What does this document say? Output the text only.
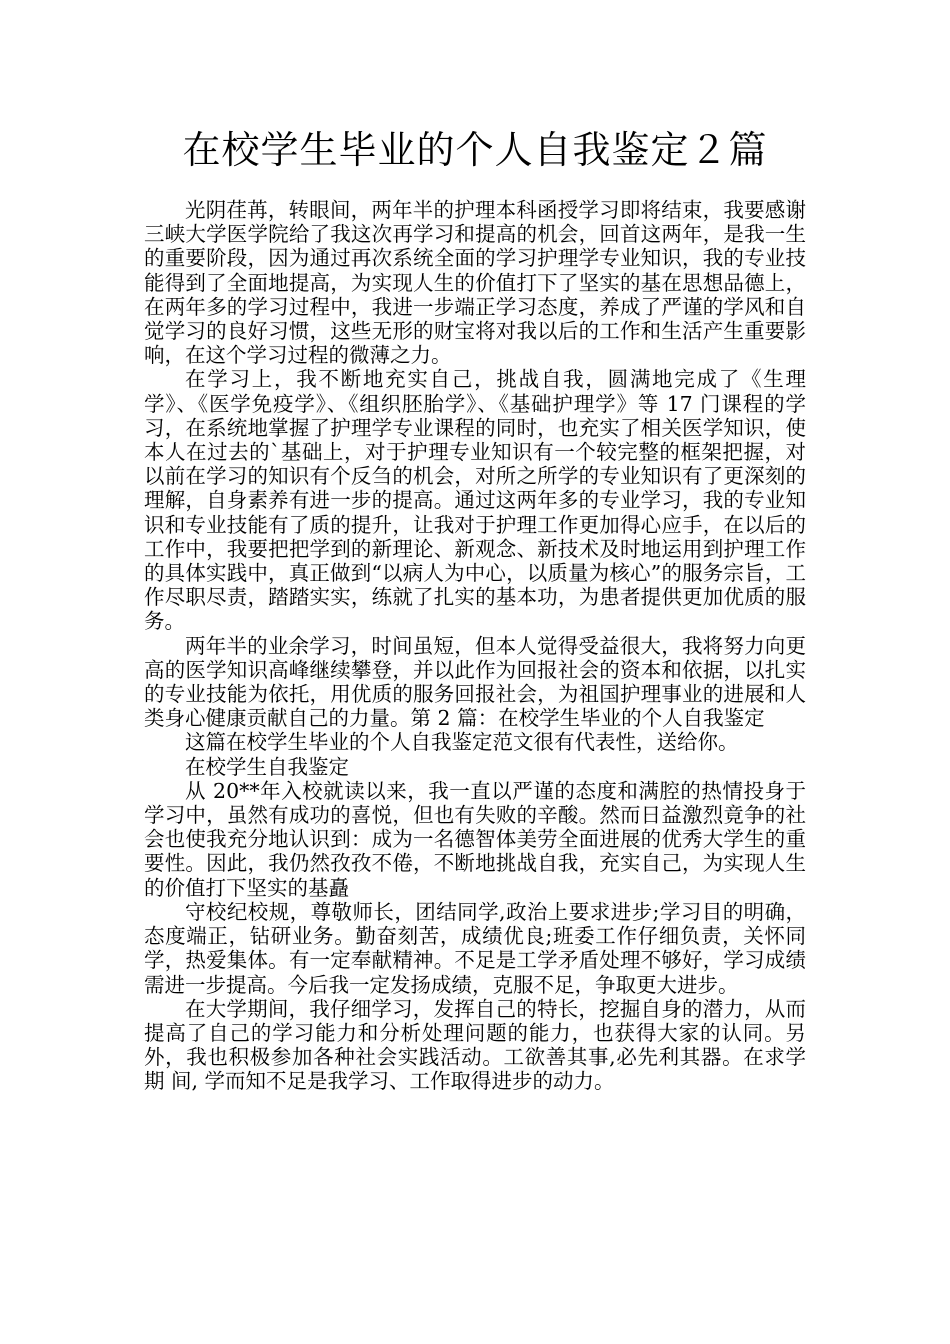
在校学生毕业的个人自我鉴定２篇

光阴荏苒，转眼间，两年半的护理本科函授学习即将结束，我要感谢三峡大学医学院给了我这次再学习和提高的机会，回首这两年，是我一生的重要阶段，因为通过再次系统全面的学习护理学专业知识，我的专业技能得到了全面地提高，为实现人生的价值打下了坚实的基在思想品德上，在两年多的学习过程中，我进一步端正学习态度，养成了严谨的学风和自觉学习的良好习惯，这些无形的财宝将对我以后的工作和生活产生重要影响，在这个学习过程的微薄之力。

在学习上，我不断地充实自己，挑战自我，圆满地完成了《生理学》、《医学免疫学》、《组织胚胎学》、《基础护理学》等 17 门课程的学习，在系统地掌握了护理学专业课程的同时，也充实了相关医学知识，使本人在过去的`基础上，对于护理专业知识有一个较完整的框架把握，对以前在学习的知识有个反刍的机会，对所之所学的专业知识有了更深刻的理解，自身素养有进一步的提高。通过这两年多的专业学习，我的专业知识和专业技能有了质的提升，让我对于护理工作更加得心应手，在以后的工作中，我要把把学到的新理论、新观念、新技术及时地运用到护理工作的具体实践中，真正做到“以病人为中心，以质量为核心”的服务宗旨，工作尽职尽责，踏踏实实，练就了扎实的基本功，为患者提供更加优质的服务。

两年半的业余学习，时间虽短，但本人觉得受益很大，我将努力向更高的医学知识高峰继续攀登，并以此作为回报社会的资本和依据，以扎实的专业技能为依托，用优质的服务回报社会，为祖国护理事业的进展和人类身心健康贡献自己的力量。第 2 篇：在校学生毕业的个人自我鉴定

这篇在校学生毕业的个人自我鉴定范文很有代表性，送给你。

在校学生自我鉴定

从 20**年入校就读以来，我一直以严谨的态度和满腔的热情投身于学习中，虽然有成功的喜悦，但也有失败的辛酸。然而日益激烈竟争的社会也使我充分地认识到：成为一名德智体美劳全面进展的优秀大学生的重要性。因此，我仍然孜孜不倦，不断地挑战自我，充实自己，为实现人生的价值打下坚实的基矗

守校纪校规，尊敬师长，团结同学,政治上要求进步;学习目的明确，态度端正，钻研业务。勤奋刻苦，成绩优良;班委工作仔细负责，关怀同学，热爱集体。有一定奉献精神。不足是工学矛盾处理不够好，学习成绩需进一步提高。今后我一定发扬成绩，克服不足，争取更大进步。

在大学期间，我仔细学习，发挥自己的特长，挖掘自身的潜力，从而提高了自己的学习能力和分析处理问题的能力，也获得大家的认同。另外，我也积极参加各种社会实践活动。工欲善其事,必先利其器。在求学期 间, 学而知不足是我学习、工作取得进步的动力。
